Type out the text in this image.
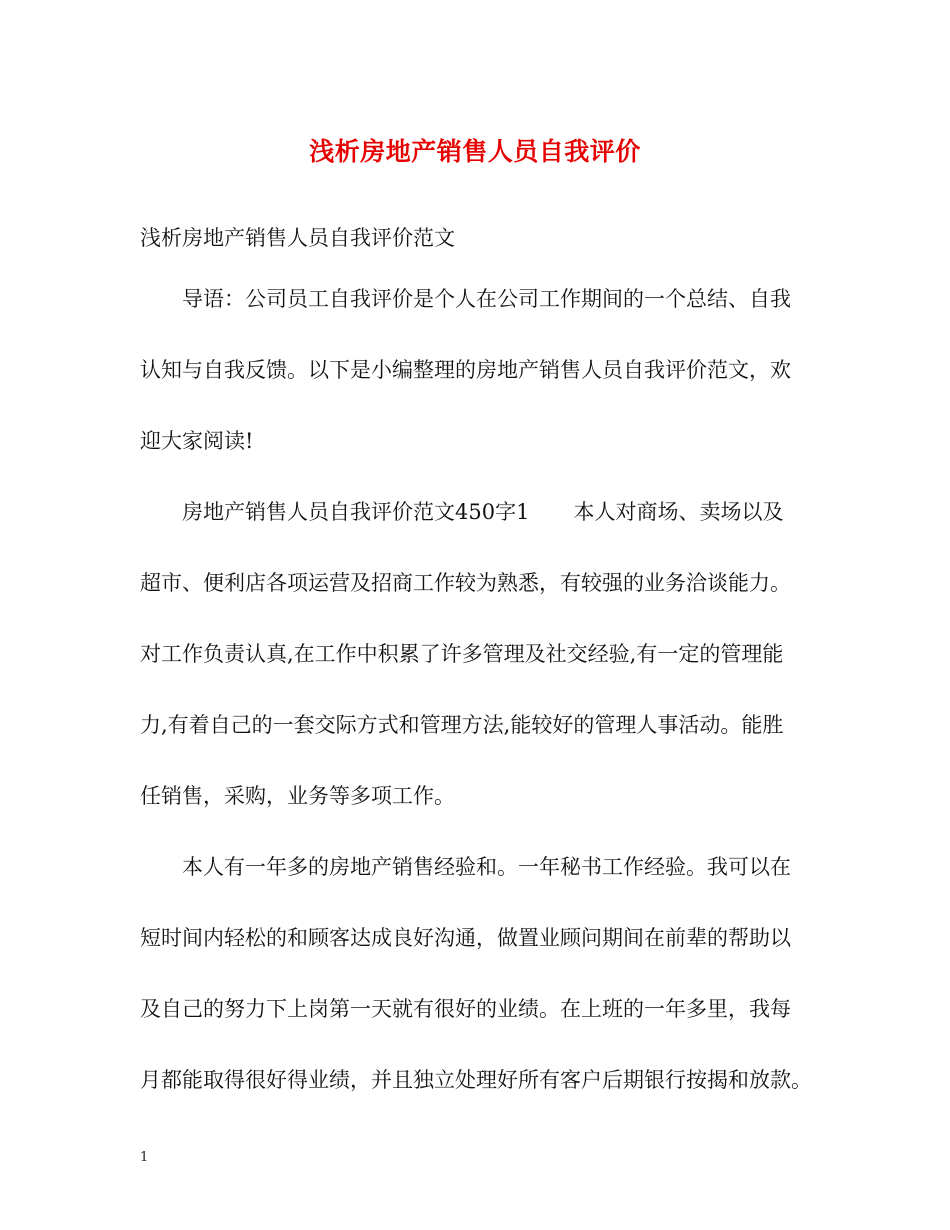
浅析房地产销售人员自我评价
浅析房地产销售人员自我评价范文
导语：公司员工自我评价是个人在公司工作期间的一个总结、自我
认知与自我反馈。以下是小编整理的房地产销售人员自我评价范文，欢
迎大家阅读!
房地产销售人员自我评价范文450字1 本人对商场、卖场以及
超市、便利店各项运营及招商工作较为熟悉，有较强的业务洽谈能力。
对工作负责认真,在工作中积累了许多管理及社交经验,有一定的管理能
力,有着自己的一套交际方式和管理方法,能较好的管理人事活动。能胜
任销售，采购，业务等多项工作。
本人有一年多的房地产销售经验和。一年秘书工作经验。我可以在
短时间内轻松的和顾客达成良好沟通，做置业顾问期间在前辈的帮助以
及自己的努力下上岗第一天就有很好的业绩。在上班的一年多里，我每
月都能取得很好得业绩，并且独立处理好所有客户后期银行按揭和放款。
1
